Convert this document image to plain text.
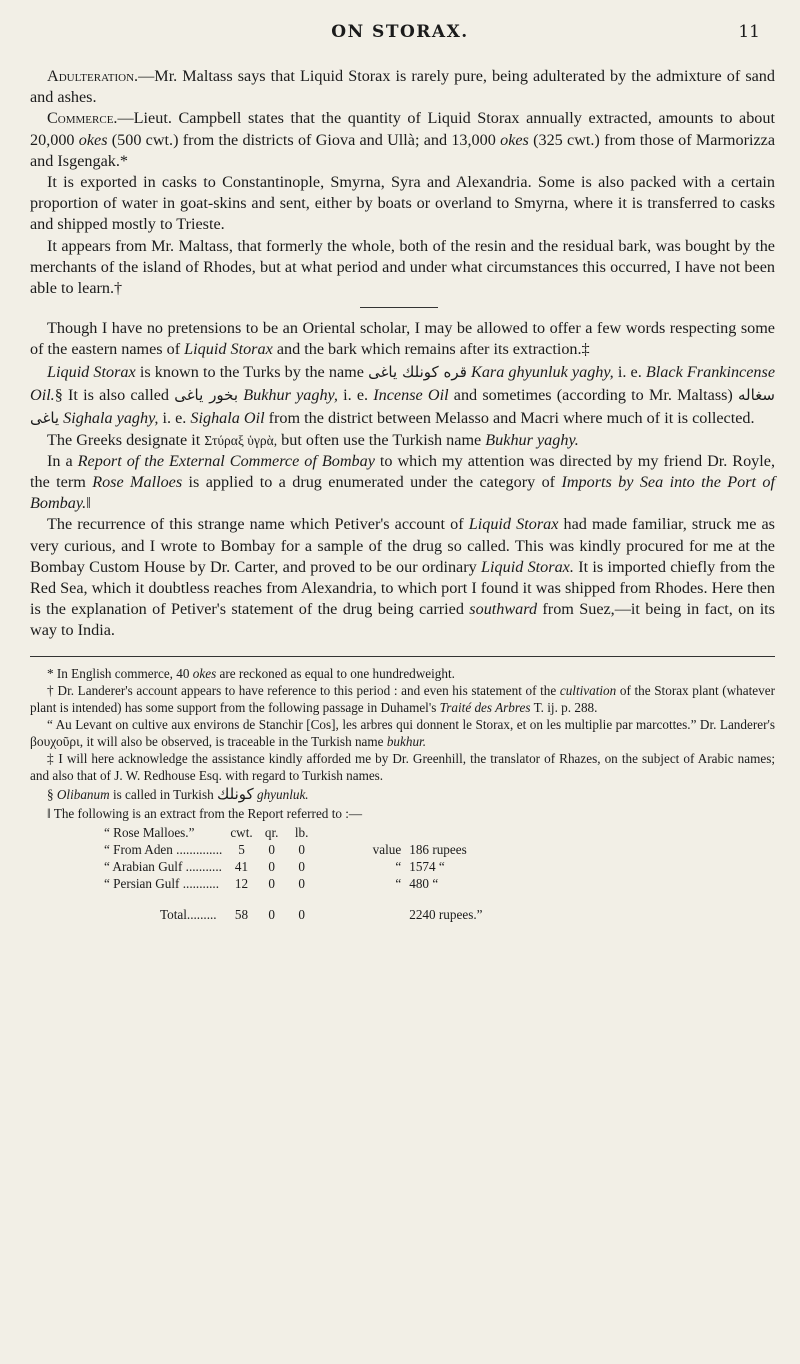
ON STORAX.	11

Adulteration.—Mr. Maltass says that Liquid Storax is rarely pure, being adulterated by the admixture of sand and ashes.

Commerce.—Lieut. Campbell states that the quantity of Liquid Storax annually extracted, amounts to about 20,000 okes (500 cwt.) from the districts of Giova and Ullà; and 13,000 okes (325 cwt.) from those of Marmorizza and Isgengak.*

It is exported in casks to Constantinople, Smyrna, Syra and Alexandria. Some is also packed with a certain proportion of water in goat-skins and sent, either by boats or overland to Smyrna, where it is transferred to casks and shipped mostly to Trieste.

It appears from Mr. Maltass, that formerly the whole, both of the resin and the residual bark, was bought by the merchants of the island of Rhodes, but at what period and under what circumstances this occurred, I have not been able to learn.†

Though I have no pretensions to be an Oriental scholar, I may be allowed to offer a few words respecting some of the eastern names of Liquid Storax and the bark which remains after its extraction.‡

Liquid Storax is known to the Turks by the name قره كونلك ياغى Kara ghyunluk yaghy, i. e. Black Frankincense Oil.§ It is also called بخور ياغى Bukhur yaghy, i. e. Incense Oil and sometimes (according to Mr. Maltass) سغاله ياغى Sighala yaghy, i. e. Sighala Oil from the district between Melasso and Macri where much of it is collected.

The Greeks designate it Στύραξ ὑγρὰ, but often use the Turkish name Bukhur yaghy.

In a Report of the External Commerce of Bombay to which my attention was directed by my friend Dr. Royle, the term Rose Malloes is applied to a drug enumerated under the category of Imports by Sea into the Port of Bombay.‖

The recurrence of this strange name which Petiver's account of Liquid Storax had made familiar, struck me as very curious, and I wrote to Bombay for a sample of the drug so called. This was kindly procured for me at the Bombay Custom House by Dr. Carter, and proved to be our ordinary Liquid Storax. It is imported chiefly from the Red Sea, which it doubtless reaches from Alexandria, to which port I found it was shipped from Rhodes. Here then is the explanation of Petiver's statement of the drug being carried southward from Suez,—it being in fact, on its way to India.

* In English commerce, 40 okes are reckoned as equal to one hundredweight.

† Dr. Landerer's account appears to have reference to this period : and even his statement of the cultivation of the Storax plant (whatever plant is intended) has some support from the following passage in Duhamel's Traité des Arbres T. ij. p. 288.

“ Au Levant on cultive aux environs de Stanchir [Cos], les arbres qui donnent le Storax, et on les multiplie par marcottes.” Dr. Landerer's βουχοῦρι, it will also be observed, is traceable in the Turkish name bukhur.

‡ I will here acknowledge the assistance kindly afforded me by Dr. Greenhill, the translator of Rhazes, on the subject of Arabic names; and also that of J. W. Redhouse Esq. with regard to Turkish names.

§ Olibanum is called in Turkish كونلك ghyunluk.

‖ The following is an extract from the Report referred to :—

“ Rose Malloes.”	cwt.	qr.	lb.			
“ From Aden ..............	5	0	0		value	186 rupees
“ Arabian Gulf ...........	41	0	0		“	1574 “
“ Persian Gulf ...........	12	0	0		“	480 “
Total.........	58	0	0			2240 rupees.”
